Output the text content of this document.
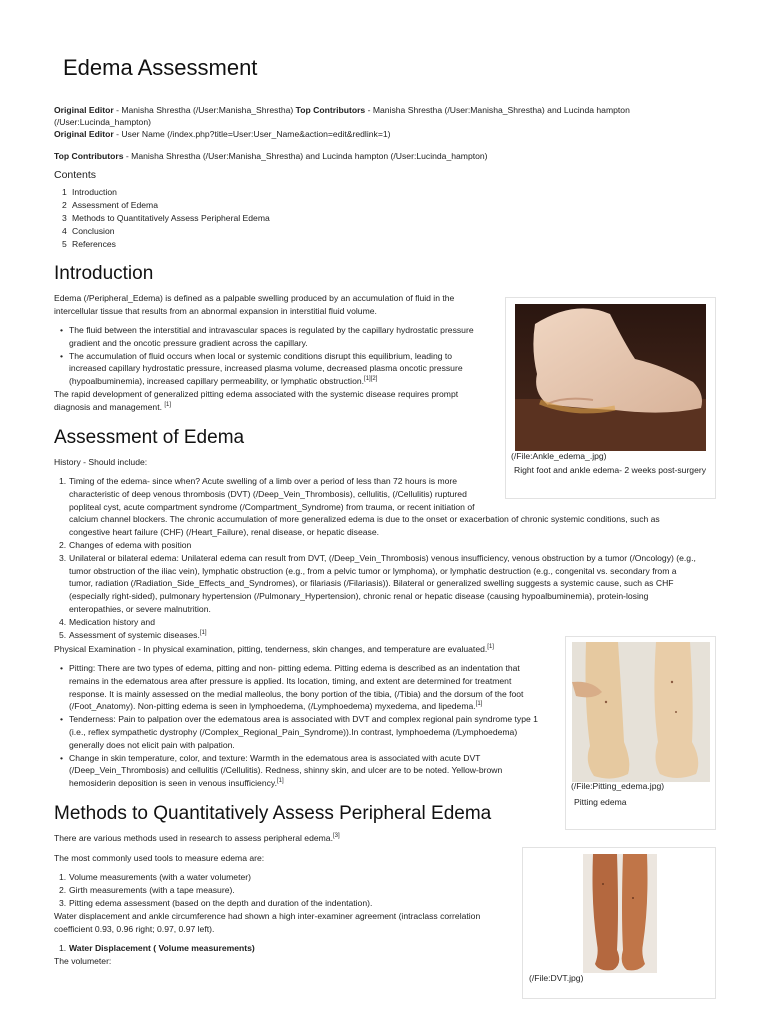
Edema Assessment
Original Editor - Manisha Shrestha (/User:Manisha_Shrestha) Top Contributors - Manisha Shrestha (/User:Manisha_Shrestha) and Lucinda hampton
(/User:Lucinda_hampton)
Original Editor - User Name (/index.php?title=User:User_Name&action=edit&redlink=1)
Top Contributors - Manisha Shrestha (/User:Manisha_Shrestha) and Lucinda hampton (/User:Lucinda_hampton)
Contents
1 Introduction
2 Assessment of Edema
3 Methods to Quantitatively Assess Peripheral Edema
4 Conclusion
5 References
Introduction
Edema (/Peripheral_Edema) is defined as a palpable swelling produced by an accumulation of fluid in the
intercellular tissue that results from an abnormal expansion in interstitial fluid volume.
• The fluid between the interstitial and intravascular spaces is regulated by the capillary hydrostatic pressure
gradient and the oncotic pressure gradient across the capillary.
• The accumulation of fluid occurs when local or systemic conditions disrupt this equilibrium, leading to
increased capillary hydrostatic pressure, increased plasma volume, decreased plasma oncotic pressure
(hypoalbuminemia), increased capillary permeability, or lymphatic obstruction.[1][2]
The rapid development of generalized pitting edema associated with the systemic disease requires prompt
diagnosis and management. [1]
(/File:Ankle_edema_.jpg)
Right foot and ankle edema- 2 weeks post-surgery
Assessment of Edema
History - Should include:
1. Timing of the edema- since when? Acute swelling of a limb over a period of less than 72 hours is more
characteristic of deep venous thrombosis (DVT) (/Deep_Vein_Thrombosis), cellulitis, (/Cellulitis) ruptured
popliteal cyst, acute compartment syndrome (/Compartment_Syndrome) from trauma, or recent initiation of
calcium channel blockers. The chronic accumulation of more generalized edema is due to the onset or exacerbation of chronic systemic conditions, such as
congestive heart failure (CHF) (/Heart_Failure), renal disease, or hepatic disease.
2. Changes of edema with position
3. Unilateral or bilateral edema: Unilateral edema can result from DVT, (/Deep_Vein_Thrombosis) venous insufficiency, venous obstruction by a tumor (/Oncology) (e.g.,
tumor obstruction of the iliac vein), lymphatic obstruction (e.g., from a pelvic tumor or lymphoma), or lymphatic destruction (e.g., congenital vs. secondary from a
tumor, radiation (/Radiation_Side_Effects_and_Syndromes), or filariasis (/Filariasis)). Bilateral or generalized swelling suggests a systemic cause, such as CHF
(especially right-sided), pulmonary hypertension (/Pulmonary_Hypertension), chronic renal or hepatic disease (causing hypoalbuminemia), protein-losing
enteropathies, or severe malnutrition.
4. Medication history and
5. Assessment of systemic diseases.[1]
Physical Examination - In physical examination, pitting, tenderness, skin changes, and temperature are evaluated.[1]
• Pitting: There are two types of edema, pitting and non- pitting edema. Pitting edema is described as an indentation that
remains in the edematous area after pressure is applied. Its location, timing, and extent are determined for treatment
response. It is mainly assessed on the medial malleolus, the bony portion of the tibia, (/Tibia) and the dorsum of the foot
(/Foot_Anatomy). Non-pitting edema is seen in lymphoedema, (/Lymphoedema) myxedema, and lipedema.[1]
• Tenderness: Pain to palpation over the edematous area is associated with DVT and complex regional pain syndrome type 1
(i.e., reflex sympathetic dystrophy (/Complex_Regional_Pain_Syndrome)).In contrast, lymphoedema (/Lymphoedema)
generally does not elicit pain with palpation.
• Change in skin temperature, color, and texture: Warmth in the edematous area is associated with acute DVT
(/Deep_Vein_Thrombosis) and cellulitis (/Cellulitis). Redness, shinny skin, and ulcer are to be noted. Yellow-brown
hemosiderin deposition is seen in venous insufficiency.[1]	(/File:Pitting_edema.jpg)
Pitting edema
Methods to Quantitatively Assess Peripheral Edema
There are various methods used in research to assess peripheral edema.[3]
The most commonly used tools to measure edema are:
1. Volume measurements (with a water volumeter)
2. Girth measurements (with a tape measure).
3. Pitting edema assessment (based on the depth and duration of the indentation).
Water displacement and ankle circumference had shown a high inter-examiner agreement (intraclass correlation
coefficient 0.93, 0.96 right; 0.97, 0.97 left).
1. Water Displacement ( Volume measurements)
The volumeter:
(/File:DVT.jpg)
